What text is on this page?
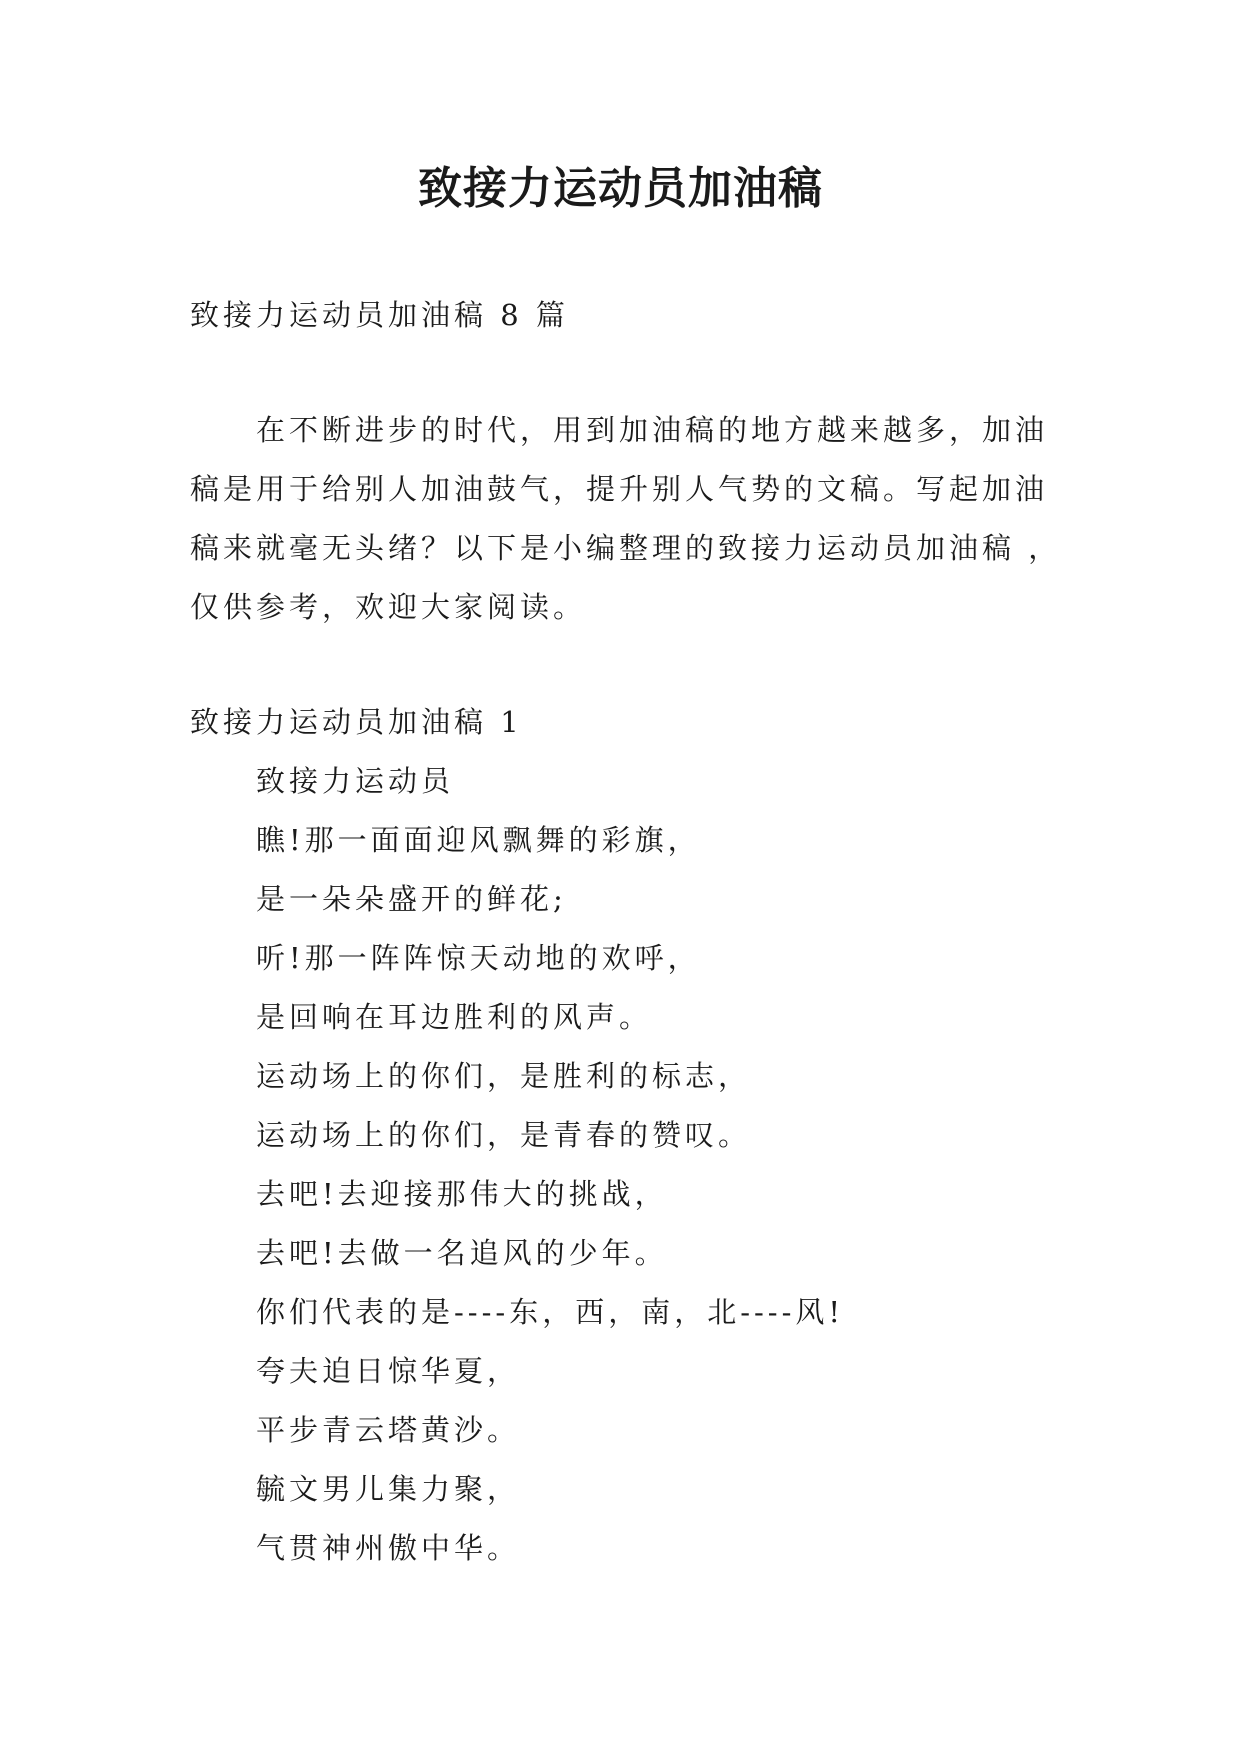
致接力运动员加油稿

致接力运动员加油稿 8 篇

在不断进步的时代，用到加油稿的地方越来越多，加油

稿是用于给别人加油鼓气，提升别人气势的文稿。写起加油

稿来就毫无头绪？以下是小编整理的致接力运动员加油稿 ，

仅供参考，欢迎大家阅读。

致接力运动员加油稿 1

致接力运动员

瞧!那一面面迎风飘舞的彩旗，

是一朵朵盛开的鲜花;

听!那一阵阵惊天动地的欢呼，

是回响在耳边胜利的风声。

运动场上的你们，是胜利的标志，

运动场上的你们，是青春的赞叹。

去吧!去迎接那伟大的挑战，

去吧!去做一名追风的少年。

你们代表的是----东，西，南，北----风!

夸夫迫日惊华夏，

平步青云塔黄沙。

毓文男儿集力聚，

气贯神州傲中华。
